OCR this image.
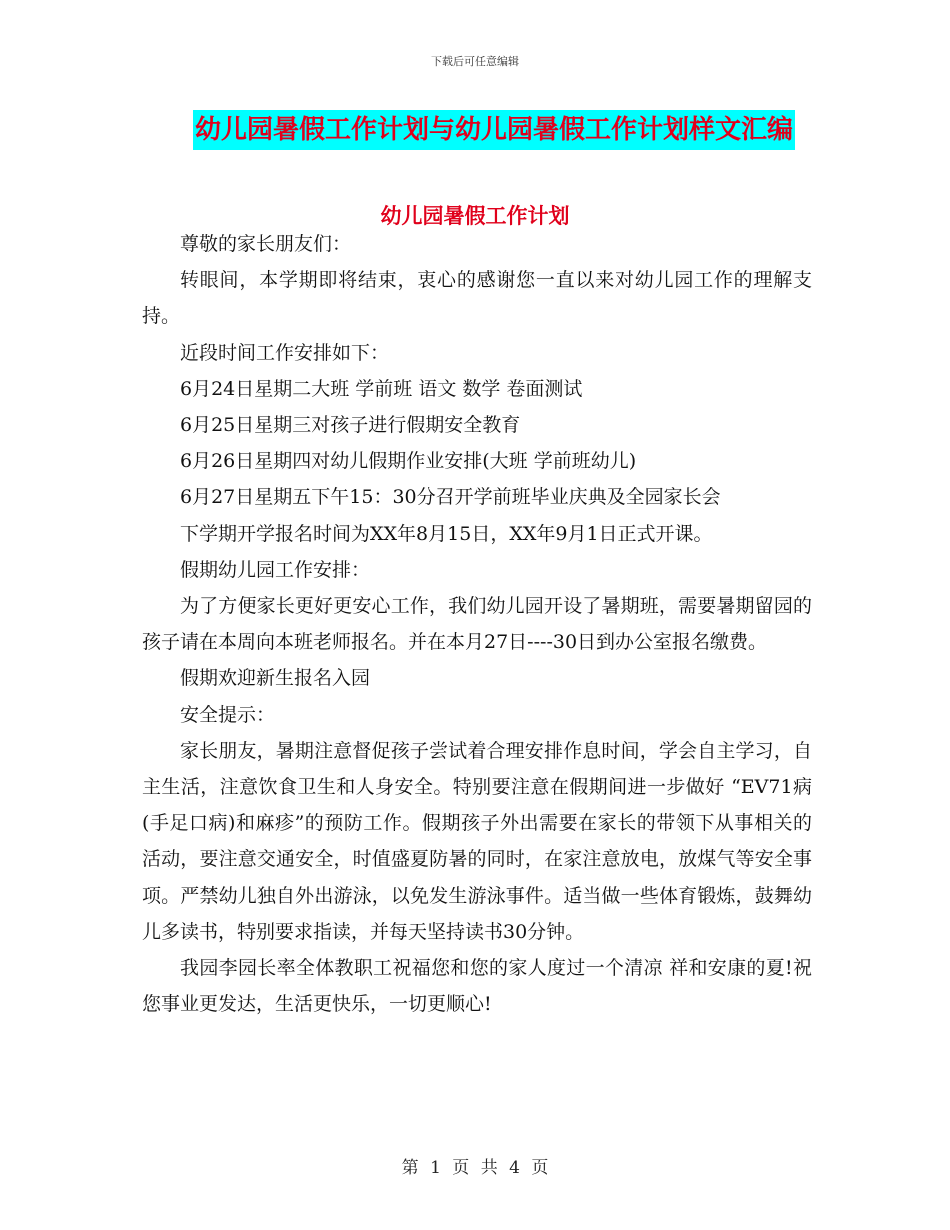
下载后可任意编辑
幼儿园暑假工作计划与幼儿园暑假工作计划样文汇编
幼儿园暑假工作计划

尊敬的家长朋友们：

转眼间，本学期即将结束，衷心的感谢您一直以来对幼儿园工作的理解支持。

近段时间工作安排如下：

6月24日星期二大班 学前班 语文 数学 卷面测试

6月25日星期三对孩子进行假期安全教育

6月26日星期四对幼儿假期作业安排(大班 学前班幼儿)

6月27日星期五下午15：30分召开学前班毕业庆典及全园家长会

下学期开学报名时间为XX年8月15日，XX年9月1日正式开课。

假期幼儿园工作安排：

为了方便家长更好更安心工作，我们幼儿园开设了暑期班，需要暑期留园的孩子请在本周向本班老师报名。并在本月27日----30日到办公室报名缴费。

假期欢迎新生报名入园

安全提示：

家长朋友，暑期注意督促孩子尝试着合理安排作息时间，学会自主学习，自主生活，注意饮食卫生和人身安全。特别要注意在假期间进一步做好 “EV71病(手足口病)和麻疹”的预防工作。假期孩子外出需要在家长的带领下从事相关的活动，要注意交通安全，时值盛夏防暑的同时，在家注意放电，放煤气等安全事项。严禁幼儿独自外出游泳，以免发生游泳事件。适当做一些体育锻炼，鼓舞幼儿多读书，特别要求指读，并每天坚持读书30分钟。

我园李园长率全体教职工祝福您和您的家人度过一个清凉 祥和安康的夏!祝您事业更发达，生活更快乐，一切更顺心!

第 1 页 共 4 页
